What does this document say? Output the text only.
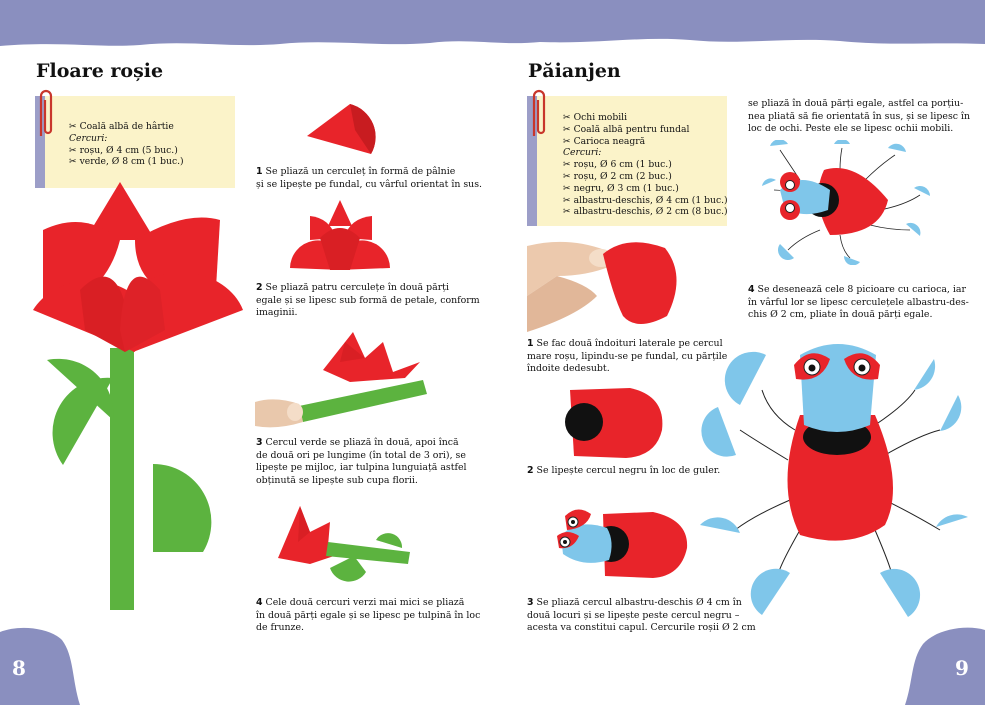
Floare roșie
✂ Coală albă de hârtie
Cercuri:
✂ roșu, Ø 4 cm (5 buc.)
✂ verde, Ø 8 cm (1 buc.)
1 Se pliază un cerculeț în formă de pâlnie
și se lipește pe fundal, cu vârful orientat în sus.
2 Se pliază patru cerculețe în două părți
egale și se lipesc sub formă de petale, conform
imaginii.
3 Cercul verde se pliază în două, apoi încă
de două ori pe lungime (în total de 3 ori), se
lipește pe mijloc, iar tulpina lunguiață astfel
obținută se lipește sub cupa florii.
4 Cele două cercuri verzi mai mici se pliază
în două părți egale și se lipesc pe tulpină în loc
de frunze.
8
Păianjen
✂ Ochi mobili
✂ Coală albă pentru fundal
✂ Carioca neagră
Cercuri:
✂ roșu, Ø 6 cm (1 buc.)
✂ roșu, Ø 2 cm (2 buc.)
✂ negru, Ø 3 cm (1 buc.)
✂ albastru-deschis, Ø 4 cm (1 buc.)
✂ albastru-deschis, Ø 2 cm (8 buc.)
se pliază în două părți egale, astfel ca porțiu-
nea pliată să fie orientată în sus, și se lipesc în
loc de ochi. Peste ele se lipesc ochii mobili.
4 Se desenează cele 8 picioare cu carioca, iar
în vârful lor se lipesc cerculețele albastru-des-
chis Ø 2 cm, pliate în două părți egale.
1 Se fac două îndoituri laterale pe cercul
mare roșu, lipindu-se pe fundal, cu părțile
îndoite dedesubt.
2 Se lipește cercul negru în loc de guler.
3 Se pliază cercul albastru-deschis Ø 4 cm în
două locuri și se lipește peste cercul negru –
acesta va constitui capul. Cercurile roșii Ø 2 cm
9
